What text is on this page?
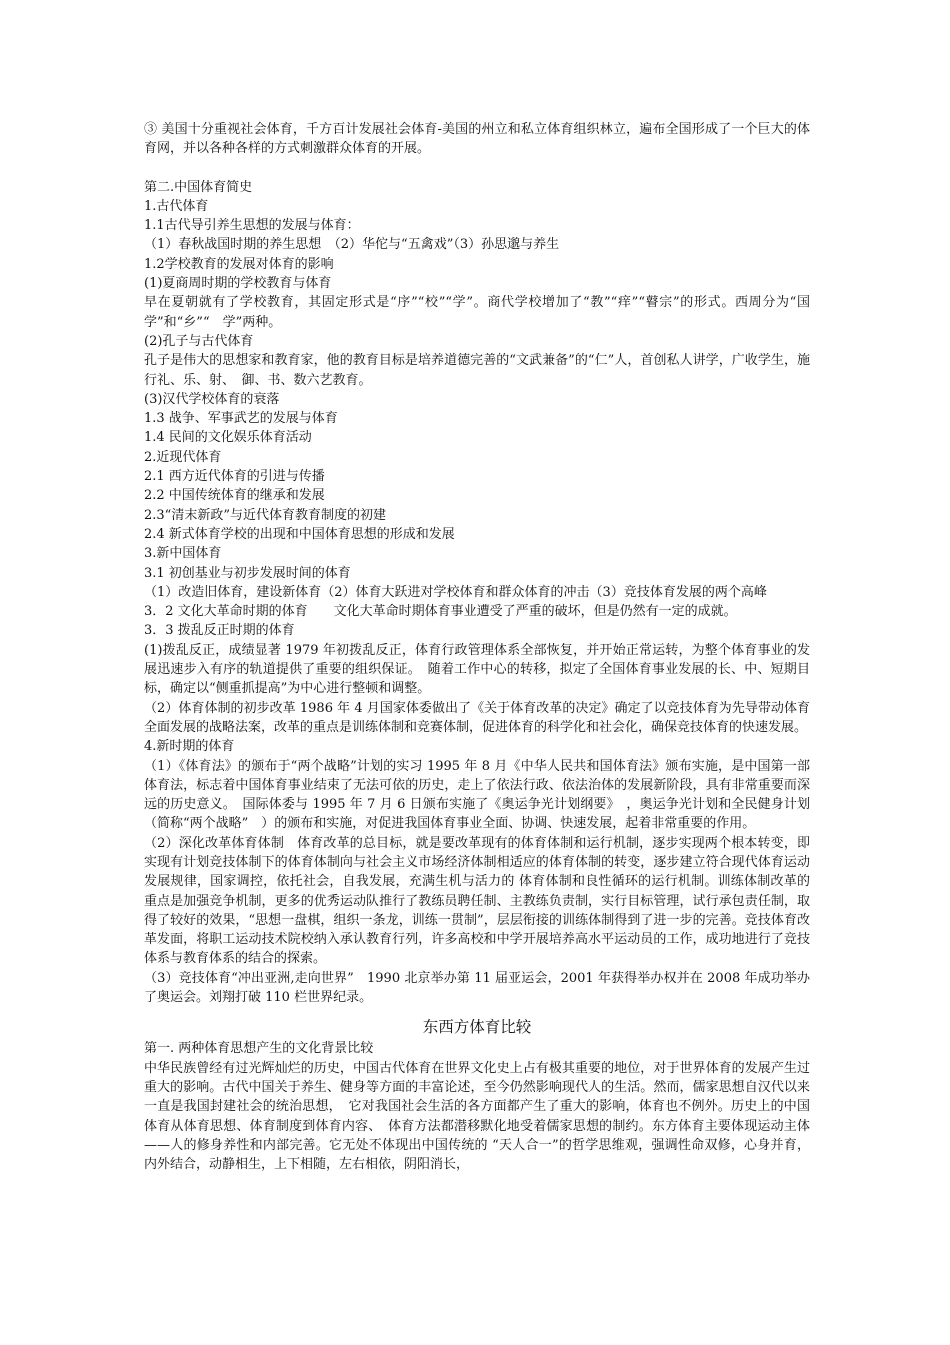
③ 美国十分重视社会体育，千方百计发展社会体育-美国的州立和私立体育组织林立，遍布全国形成了一个巨大的体育网，并以各种各样的方式刺激群众体育的开展。

第二.中国体育简史

1.古代体育

1.1古代导引养生思想的发展与体育：

（1）春秋战国时期的养生思想　（2）华佗与“五禽戏”（3）孙思邈与养生

1.2学校教育的发展对体育的影响

(1)夏商周时期的学校教育与体育

早在夏朝就有了学校教育，其固定形式是“序”“校”“学”。商代学校增加了“教”“痒”“瞽宗”的形式。西周分为“国学”和“乡”“　学”两种。

(2)孔子与古代体育

孔子是伟大的思想家和教育家，他的教育目标是培养道德完善的“文武兼备”的“仁”人，首创私人讲学，广收学生，施行礼、乐、射、　御、书、数六艺教育。

(3)汉代学校体育的衰落

1.3 战争、军事武艺的发展与体育

1.4 民间的文化娱乐体育活动

2.近现代体育

2.1 西方近代体育的引进与传播

2.2 中国传统体育的继承和发展

2.3“清末新政”与近代体育教育制度的初建

2.4 新式体育学校的出现和中国体育思想的形成和发展

3.新中国体育

3.1 初创基业与初步发展时间的体育

（1）改造旧体育，建设新体育（2）体育大跃进对学校体育和群众体育的冲击（3）竞技体育发展的两个高峰

3．2 文化大革命时期的体育　　文化大革命时期体育事业遭受了严重的破坏，但是仍然有一定的成就。

3．3 拨乱反正时期的体育

(1)拨乱反正，成绩显著 1979 年初拨乱反正，体育行政管理体系全部恢复，并开始正常运转，为整个体育事业的发展迅速步入有序的轨道提供了重要的组织保证。　随着工作中心的转移，拟定了全国体育事业发展的长、中、短期目标，确定以“侧重抓提高”为中心进行整顿和调整。

（2）体育体制的初步改革 1986 年 4 月国家体委做出了《关于体育改革的决定》确定了以竞技体育为先导带动体育全面发展的战略法案，改革的重点是训练体制和竞赛体制，促进体育的科学化和社会化，确保竞技体育的快速发展。

4.新时期的体育

（1）《体育法》的颁布于“两个战略”计划的实习 1995 年 8 月《中华人民共和国体育法》颁布实施，是中国第一部体育法，标志着中国体育事业结束了无法可依的历史，走上了依法行政、依法治体的发展新阶段，具有非常重要而深远的历史意义。　国际体委与 1995 年 7 月 6 日颁布实施了《奥运争光计划纲要》　，奥运争光计划和全民健身计划（简称“两个战略”　）的颁布和实施，对促进我国体育事业全面、协调、快速发展，起着非常重要的作用。

（2）深化改革体育体制　体育改革的总目标，就是要改革现有的体育体制和运行机制，逐步实现两个根本转变，即实现有计划竞技体制下的体育体制向与社会主义市场经济体制相适应的体育体制的转变，逐步建立符合现代体育运动发展规律，国家调控，依托社会，自我发展，充满生机与活力的 体育体制和良性循环的运行机制。训练体制改革的重点是加强竞争机制，更多的优秀运动队推行了教练员聘任制、主教练负责制，实行目标管理，试行承包责任制，取得了较好的效果，“思想一盘棋，组织一条龙，训练一贯制”，层层衔接的训练体制得到了进一步的完善。竞技体育改革发面，将职工运动技术院校纳入承认教育行列，许多高校和中学开展培养高水平运动员的工作，成功地进行了竞技体系与教育体系的结合的探索。

（3）竞技体育“冲出亚洲,走向世界”　1990 北京举办第 11 届亚运会，2001 年获得举办权并在 2008 年成功举办了奥运会。刘翔打破 110 栏世界纪录。

东西方体育比较

第一. 两种体育思想产生的文化背景比较

中华民族曾经有过光辉灿烂的历史，中国古代体育在世界文化史上占有极其重要的地位，对于世界体育的发展产生过重大的影响。古代中国关于养生、健身等方面的丰富论述，至今仍然影响现代人的生活。然而，儒家思想自汉代以来一直是我国封建社会的统治思想，　它对我国社会生活的各方面都产生了重大的影响，体育也不例外。历史上的中国体育从体育思想、体育制度到体育内容、　体育方法都潜移默化地受着儒家思想的制约。东方体育主要体现运动主体——人的修身养性和内部完善。它无处不体现出中国传统的 “天人合一”的哲学思维观，强调性命双修，心身并育，内外结合，动静相生，上下相随，左右相依，阴阳消长，
